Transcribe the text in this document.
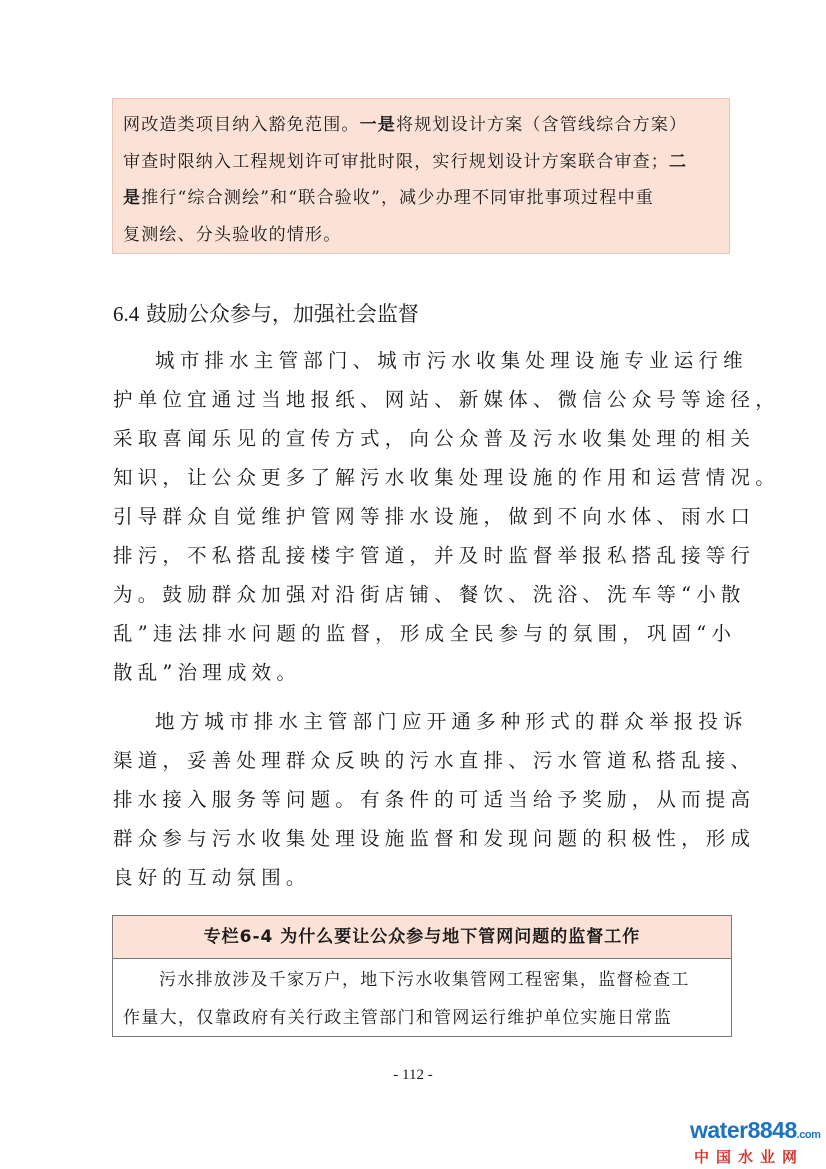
网改造类项目纳入豁免范围。一是将规划设计方案（含管线综合方案）
审查时限纳入工程规划许可审批时限，实行规划设计方案联合审查；二
是推行“综合测绘”和“联合验收”，减少办理不同审批事项过程中重
复测绘、分头验收的情形。
6.4 鼓励公众参与，加强社会监督
城市排水主管部门、城市污水收集处理设施专业运行维
护单位宜通过当地报纸、网站、新媒体、微信公众号等途径，
采取喜闻乐见的宣传方式，向公众普及污水收集处理的相关
知识，让公众更多了解污水收集处理设施的作用和运营情况。
引导群众自觉维护管网等排水设施，做到不向水体、雨水口
排污，不私搭乱接楼宇管道，并及时监督举报私搭乱接等行
为。鼓励群众加强对沿街店铺、餐饮、洗浴、洗车等“小散
乱”违法排水问题的监督，形成全民参与的氛围，巩固“小
散乱”治理成效。
地方城市排水主管部门应开通多种形式的群众举报投诉
渠道，妥善处理群众反映的污水直排、污水管道私搭乱接、
排水接入服务等问题。有条件的可适当给予奖励，从而提高
群众参与污水收集处理设施监督和发现问题的积极性，形成
良好的互动氛围。
专栏6-4 为什么要让公众参与地下管网问题的监督工作
污水排放涉及千家万户，地下污水收集管网工程密集，监督检查工
作量大，仅靠政府有关行政主管部门和管网运行维护单位实施日常监
- 112 -
water8848.com
中国水业网
